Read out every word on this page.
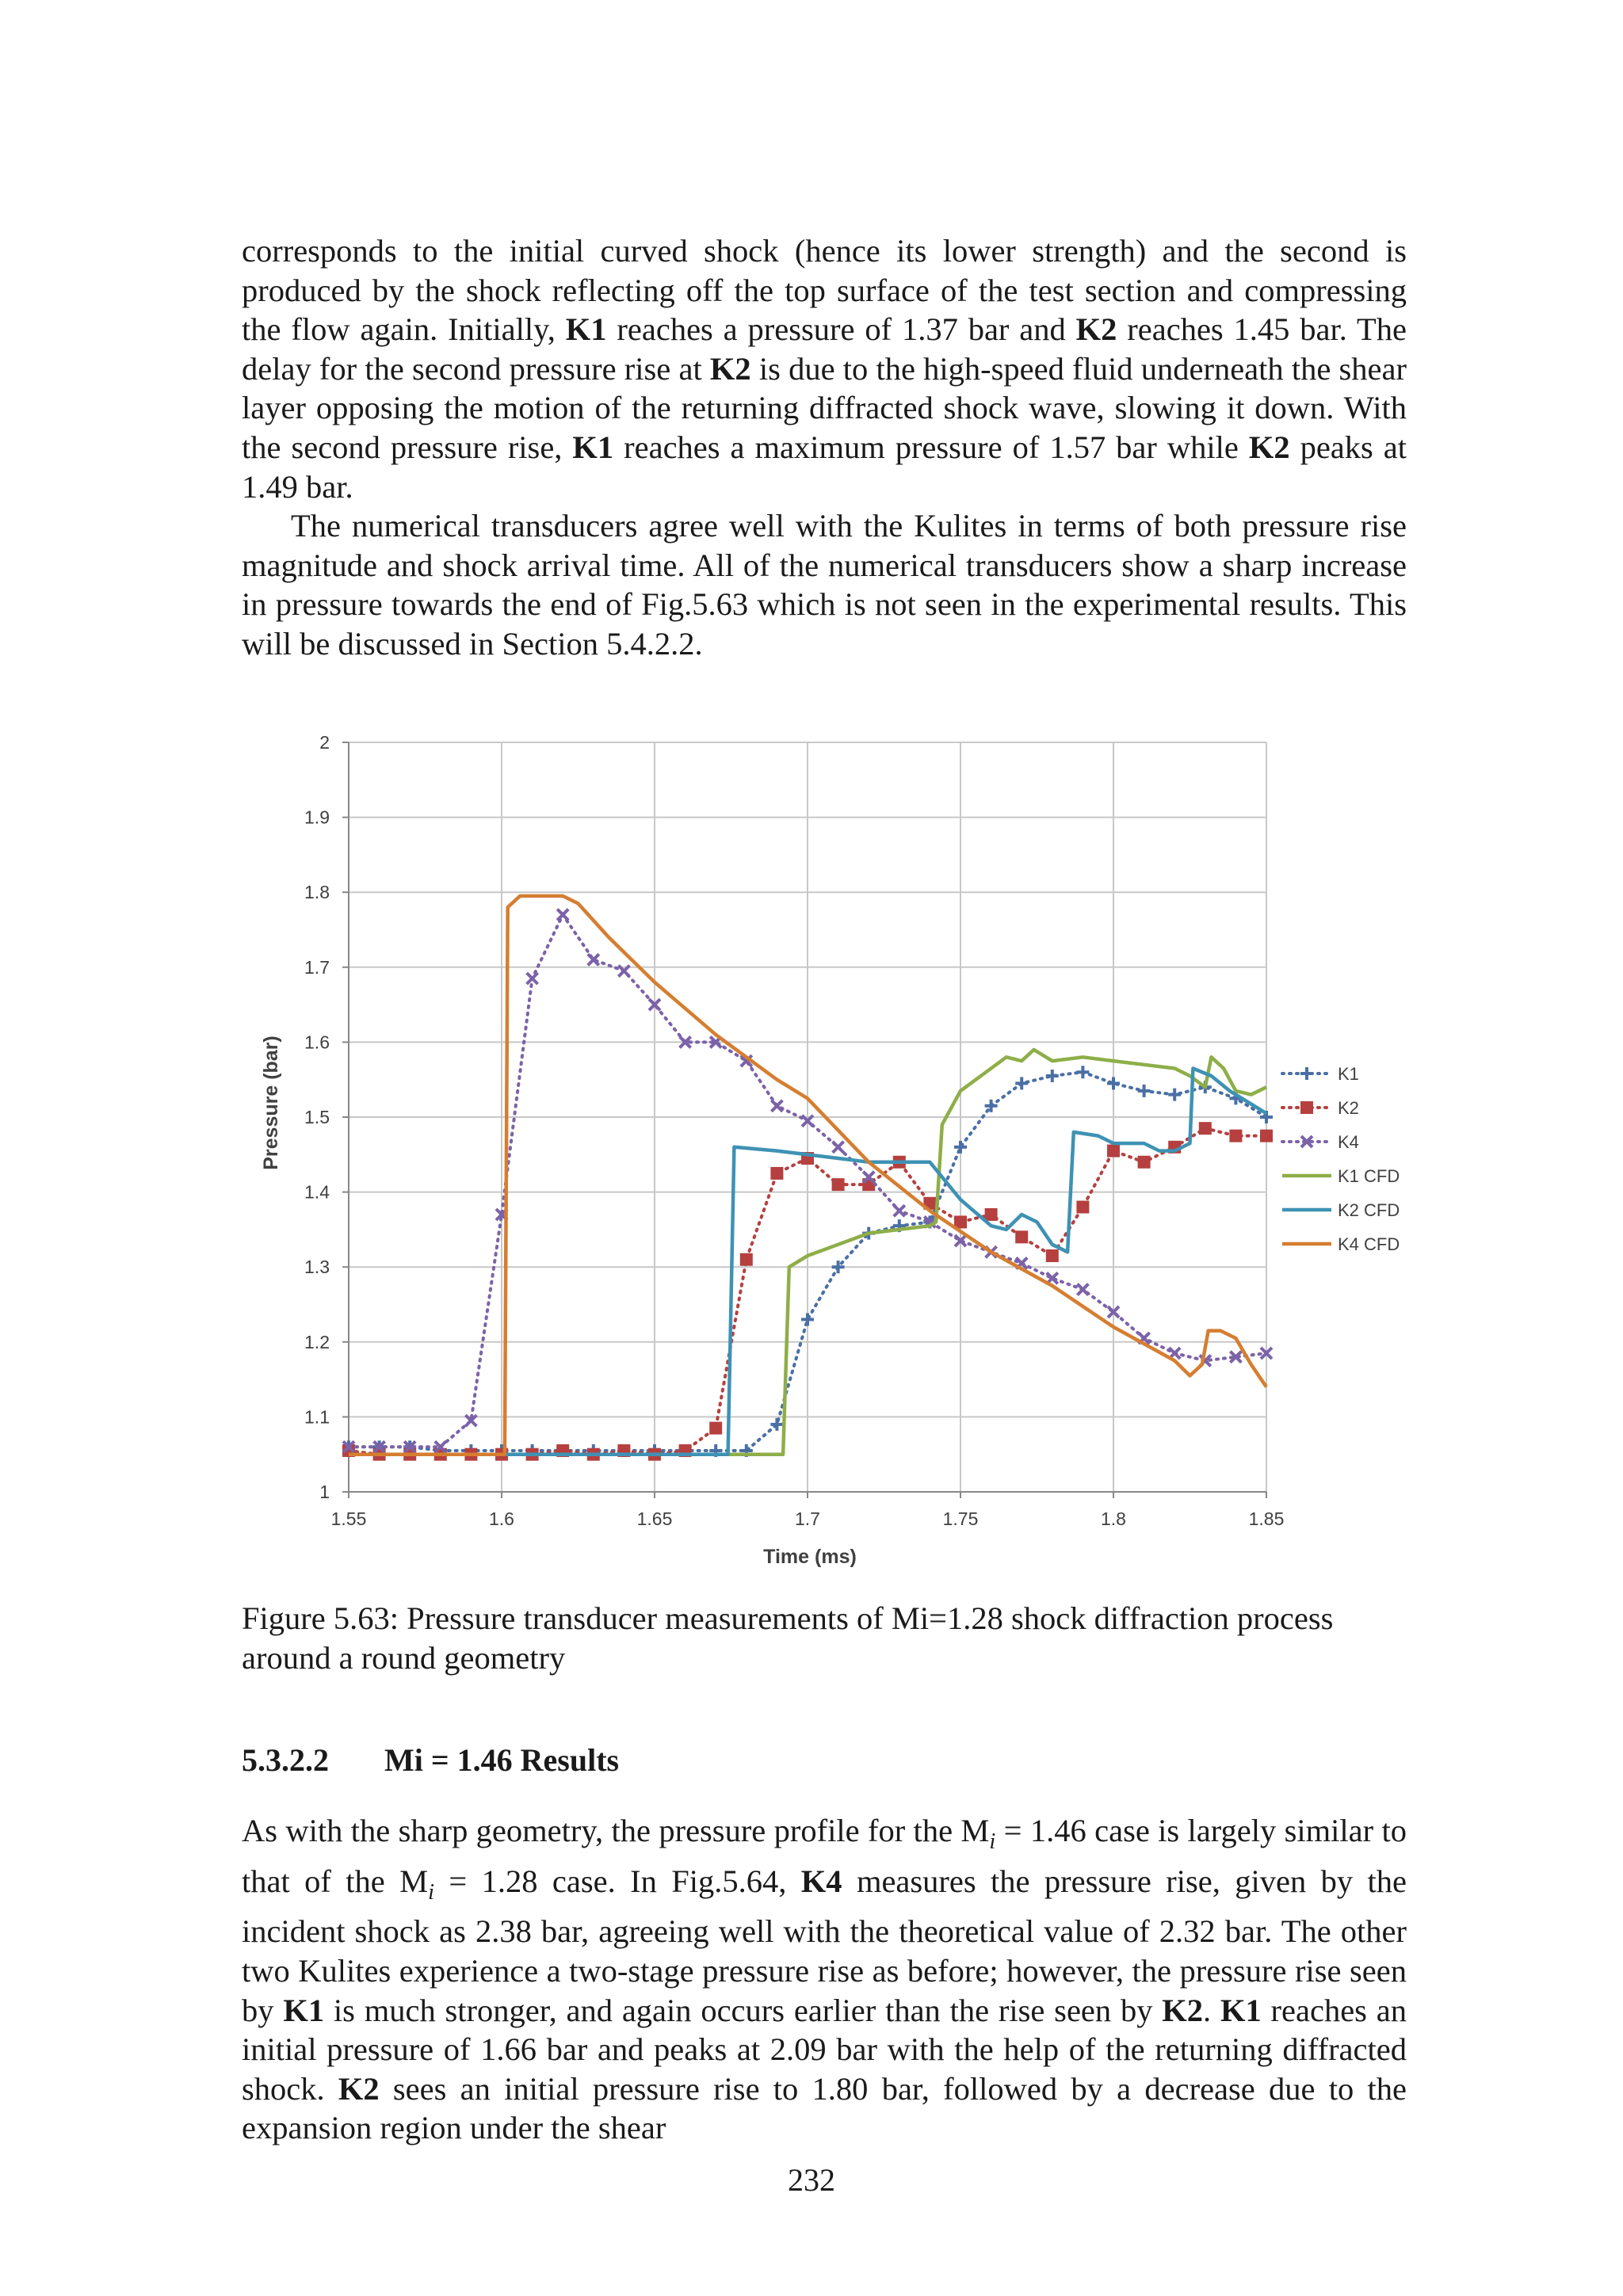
corresponds to the initial curved shock (hence its lower strength) and the second is produced by the shock reflecting off the top surface of the test section and compressing the flow again. Initially, K1 reaches a pressure of 1.37 bar and K2 reaches 1.45 bar. The delay for the second pressure rise at K2 is due to the high-speed fluid underneath the shear layer opposing the motion of the returning diffracted shock wave, slowing it down. With the second pressure rise, K1 reaches a maximum pressure of 1.57 bar while K2 peaks at 1.49 bar.

The numerical transducers agree well with the Kulites in terms of both pressure rise magnitude and shock arrival time. All of the numerical transducers show a sharp increase in pressure towards the end of Fig.5.63 which is not seen in the experimental results. This will be discussed in Section 5.4.2.2.

1
1.1
1.2
1.3
1.4
1.5
1.6
1.7
1.8
1.9
2
1.55	1.6	1.65	1.7	1.75	1.8	1.85
K1
K2
K4
K1 CFD
K2 CFD
K4 CFD
Time (ms)
Pressure (bar)

Figure 5.63: Pressure transducer measurements of Mi=1.28 shock diffraction process around a round geometry

5.3.2.2 Mi = 1.46 Results

As with the sharp geometry, the pressure profile for the $M_i = 1.46$ case is largely similar to that of the $M_i = 1.28$ case. In Fig.5.64, K4 measures the pressure rise, given by the incident shock as 2.38 bar, agreeing well with the theoretical value of 2.32 bar. The other two Kulites experience a two-stage pressure rise as before; however, the pressure rise seen by K1 is much stronger, and again occurs earlier than the rise seen by K2. K1 reaches an initial pressure of 1.66 bar and peaks at 2.09 bar with the help of the returning diffracted shock. K2 sees an initial pressure rise to 1.80 bar, followed by a decrease due to the expansion region under the shear

232
